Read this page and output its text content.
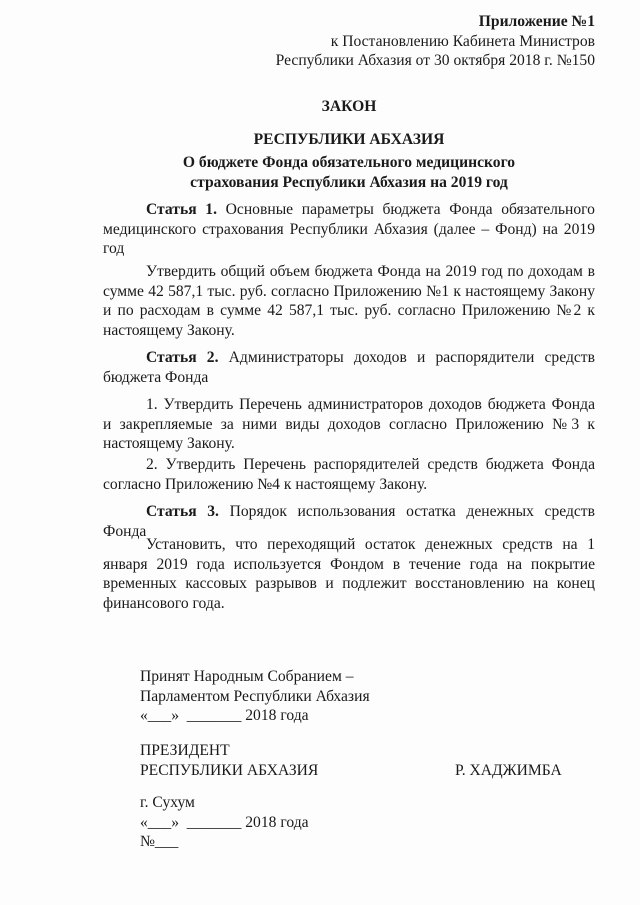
Приложение №1
к Постановлению Кабинета Министров
Республики Абхазия от 30 октября 2018 г. №150
ЗАКОН
РЕСПУБЛИКИ АБХАЗИЯ
О бюджете Фонда обязательного медицинского
страхования Республики Абхазия на 2019 год
Статья 1. Основные параметры бюджета Фонда обязательного медицинского страхования Республики Абхазия (далее – Фонд) на 2019 год
Утвердить общий объем бюджета Фонда на 2019 год по доходам в сумме 42 587,1 тыс. руб. согласно Приложению №1 к настоящему Закону и по расходам в сумме 42 587,1 тыс. руб. согласно Приложению №2 к настоящему Закону.
Статья 2. Администраторы доходов и распорядители средств бюджета Фонда
1. Утвердить Перечень администраторов доходов бюджета Фонда и закрепляемые за ними виды доходов согласно Приложению №3 к настоящему Закону.
2. Утвердить Перечень распорядителей средств бюджета Фонда согласно Приложению №4 к настоящему Закону.
Статья 3. Порядок использования остатка денежных средств Фонда
Установить, что переходящий остаток денежных средств на 1 января 2019 года используется Фондом в течение года на покрытие временных кассовых разрывов и подлежит восстановлению на конец финансового года.
Принят Народным Собранием –
Парламентом Республики Абхазия
«___»  _______ 2018 года
ПРЕЗИДЕНТ
РЕСПУБЛИКИ АБХАЗИЯ	Р. ХАДЖИМБА
г. Сухум
«___»  _______ 2018 года
№___
